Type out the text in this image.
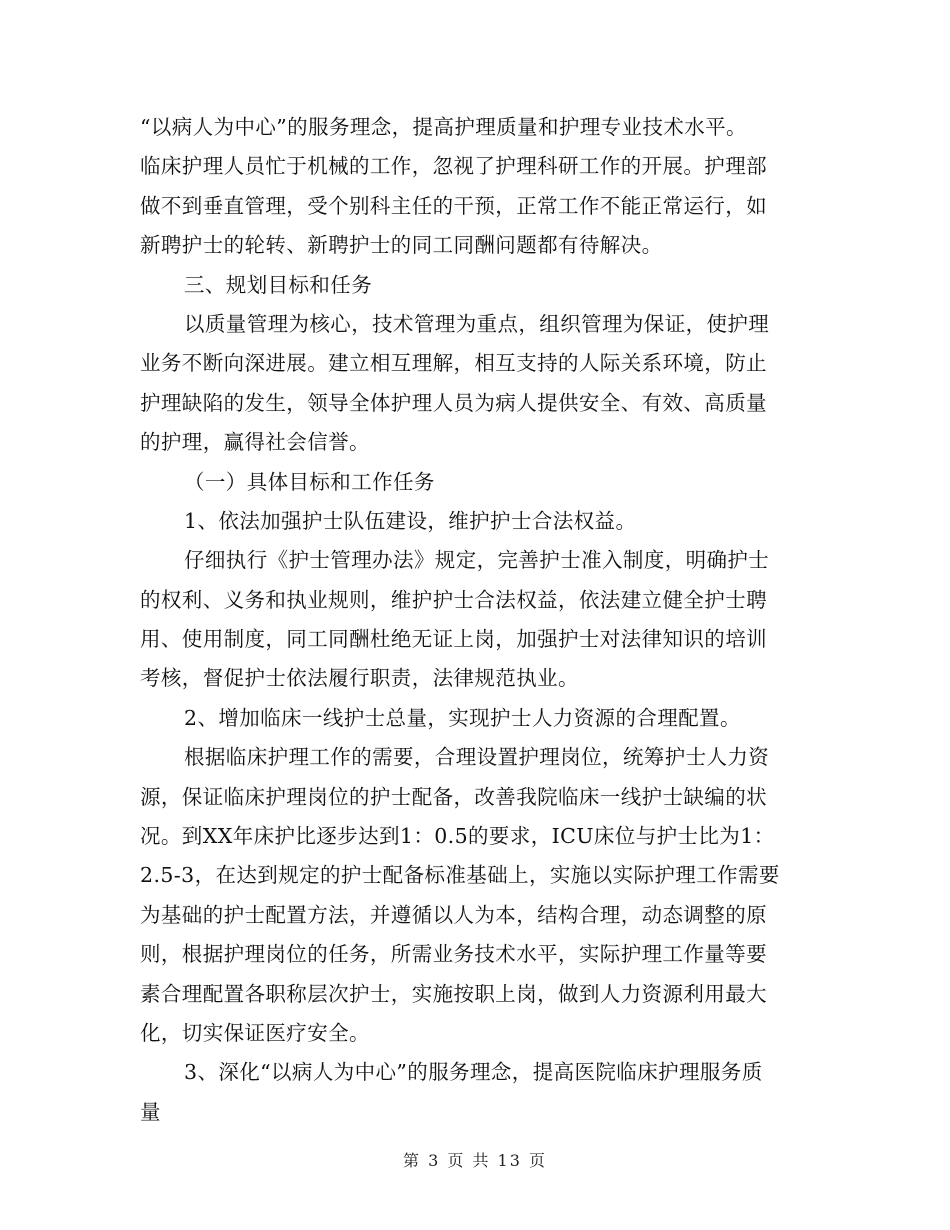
“以病人为中心”的服务理念，提高护理质量和护理专业技术水平。
临床护理人员忙于机械的工作，忽视了护理科研工作的开展。护理部
做不到垂直管理，受个别科主任的干预，正常工作不能正常运行，如
新聘护士的轮转、新聘护士的同工同酬问题都有待解决。
三、规划目标和任务
以质量管理为核心，技术管理为重点，组织管理为保证，使护理
业务不断向深进展。建立相互理解，相互支持的人际关系环境，防止
护理缺陷的发生，领导全体护理人员为病人提供安全、有效、高质量
的护理，赢得社会信誉。
（一）具体目标和工作任务
1、依法加强护士队伍建设，维护护士合法权益。
仔细执行《护士管理办法》规定，完善护士准入制度，明确护士
的权利、义务和执业规则，维护护士合法权益，依法建立健全护士聘
用、使用制度，同工同酬杜绝无证上岗，加强护士对法律知识的培训
考核，督促护士依法履行职责，法律规范执业。
2、增加临床一线护士总量，实现护士人力资源的合理配置。
根据临床护理工作的需要，合理设置护理岗位，统筹护士人力资
源，保证临床护理岗位的护士配备，改善我院临床一线护士缺编的状
况。到XX年床护比逐步达到1：0.5的要求，ICU床位与护士比为1：
2.5-3，在达到规定的护士配备标准基础上，实施以实际护理工作需要
为基础的护士配置方法，并遵循以人为本，结构合理，动态调整的原
则，根据护理岗位的任务，所需业务技术水平，实际护理工作量等要
素合理配置各职称层次护士，实施按职上岗，做到人力资源利用最大
化，切实保证医疗安全。
3、深化“以病人为中心”的服务理念，提高医院临床护理服务质
量
第 3 页 共 13 页
